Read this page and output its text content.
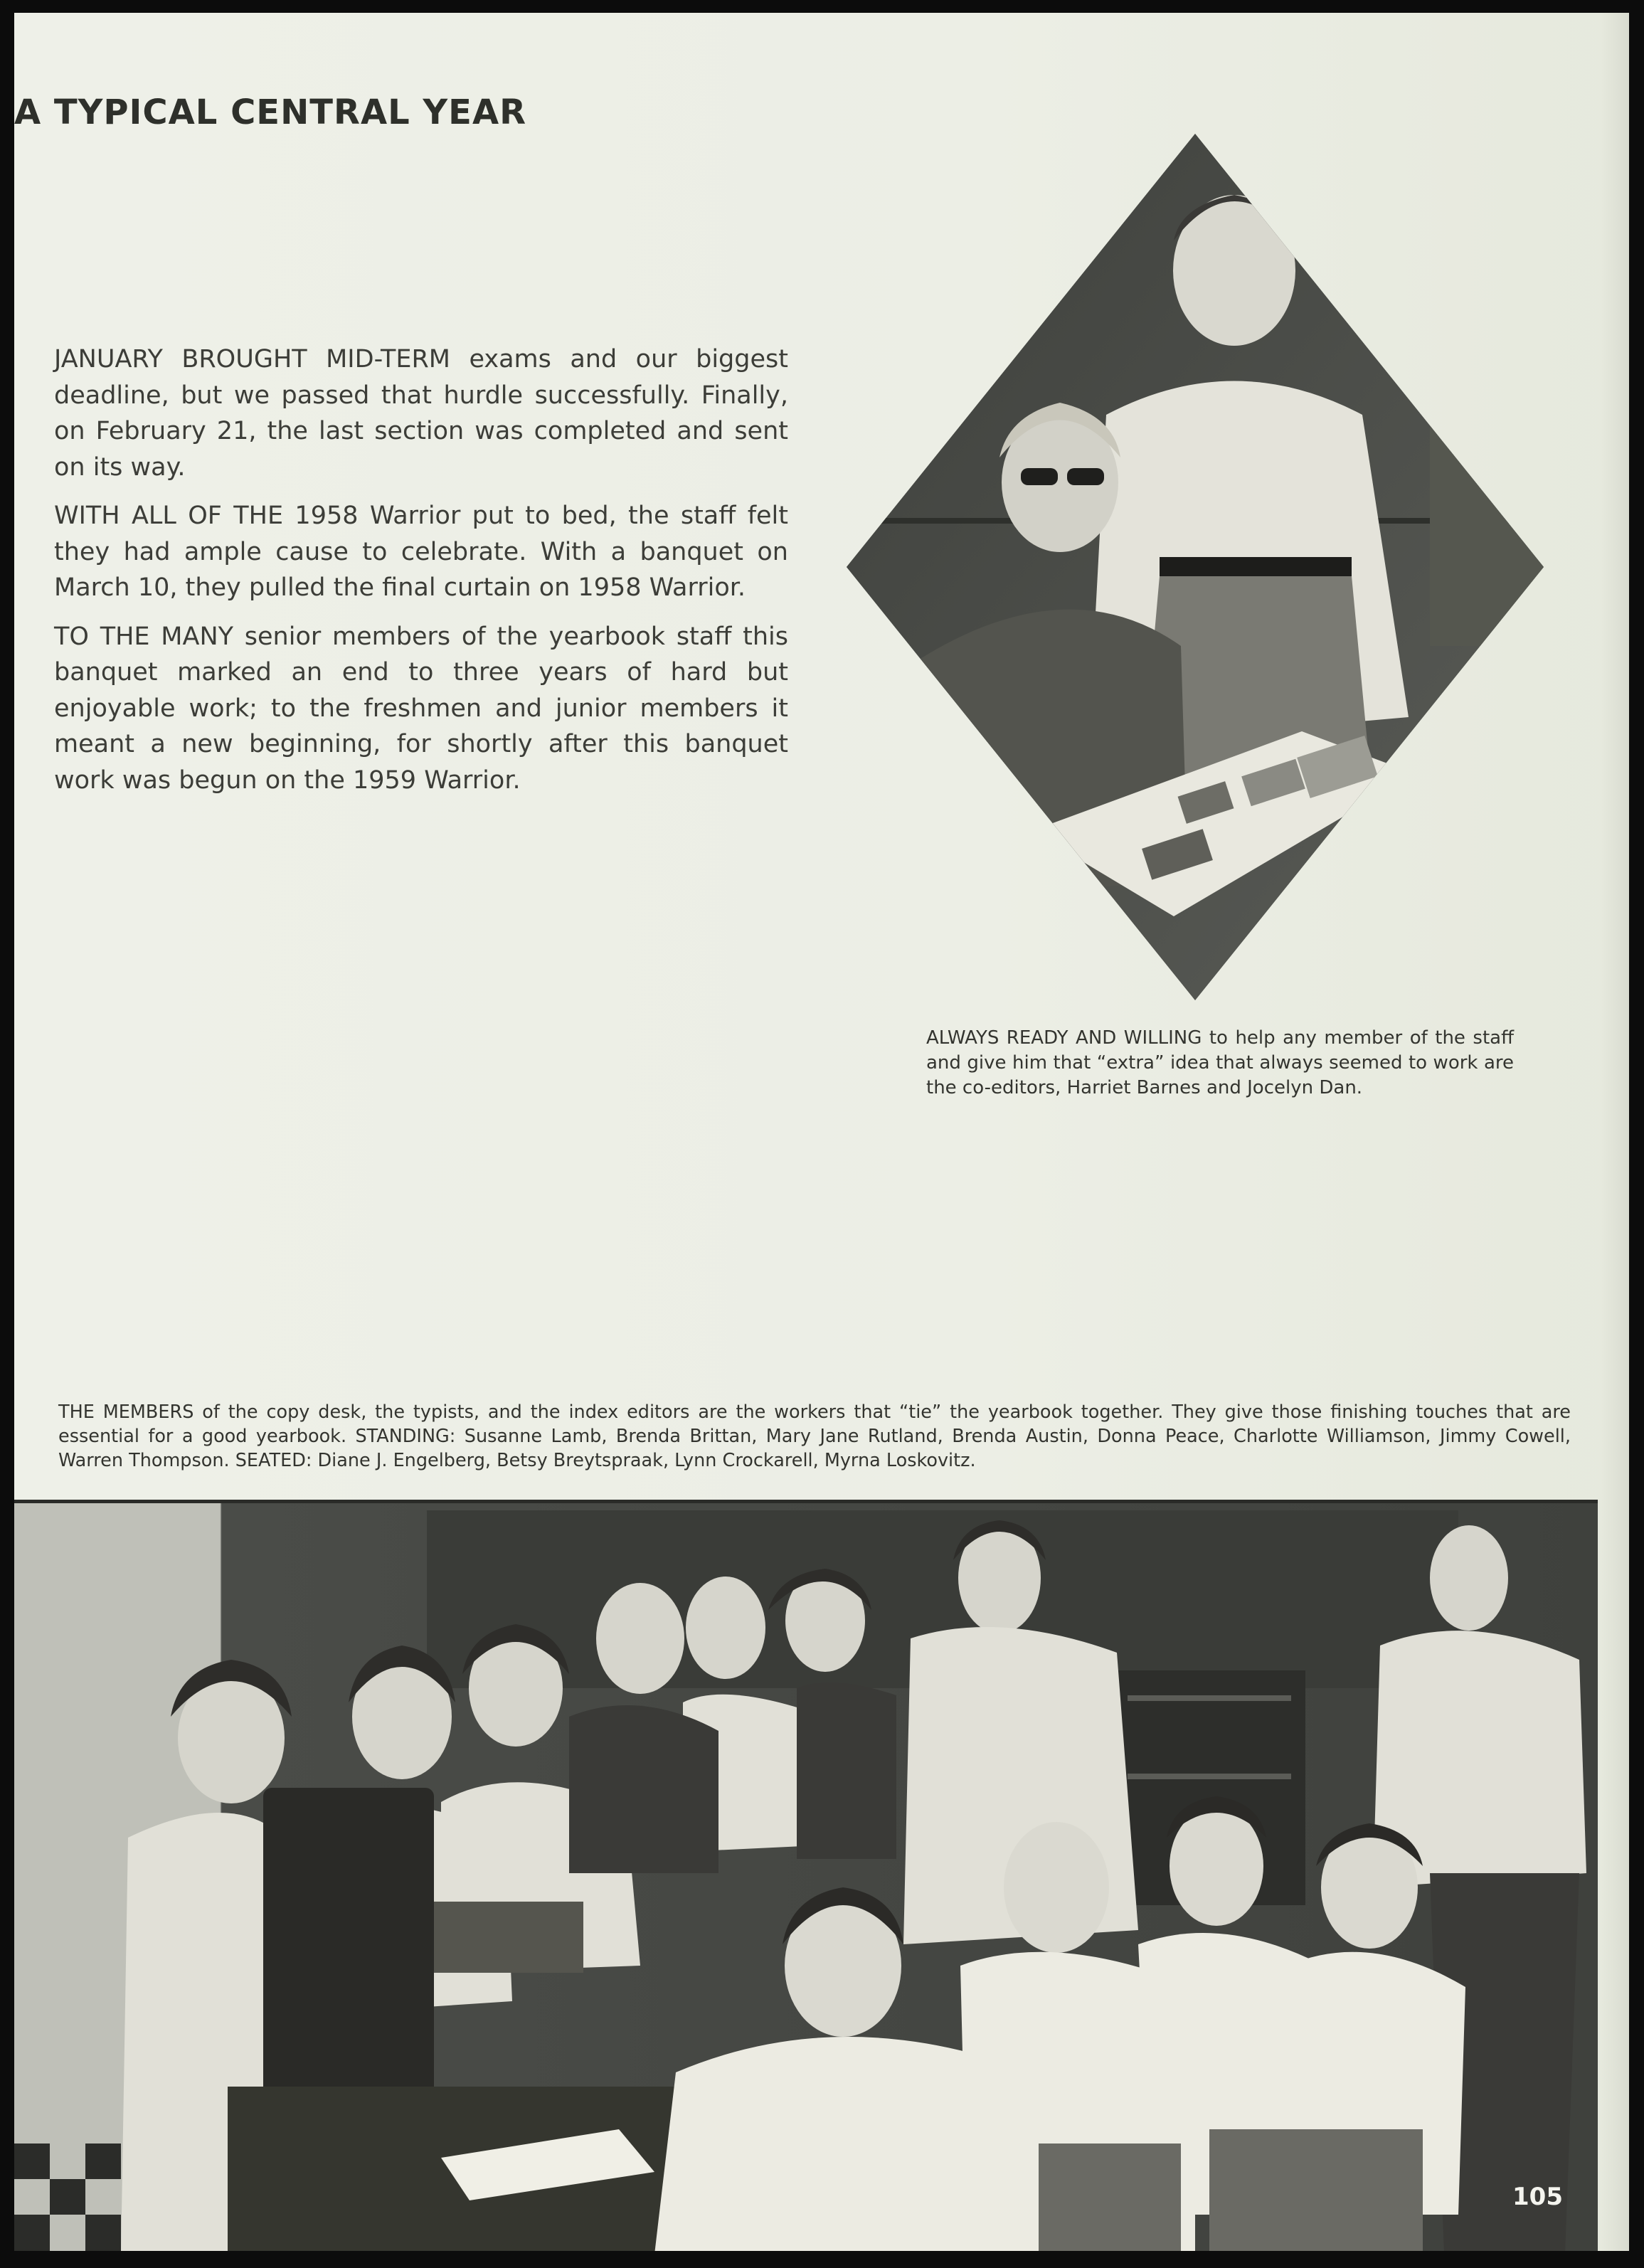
A TYPICAL CENTRAL YEAR

JANUARY BROUGHT MID-TERM exams and our biggest deadline, but we passed that hurdle successfully. Finally, on February 21, the last section was completed and sent on its way.

WITH ALL OF THE 1958 Warrior put to bed, the staff felt they had ample cause to celebrate. With a banquet on March 10, they pulled the final curtain on 1958 Warrior.

TO THE MANY senior members of the yearbook staff this banquet marked an end to three years of hard but enjoyable work; to the freshmen and junior members it meant a new beginning, for shortly after this banquet work was begun on the 1959 Warrior.

ALWAYS READY AND WILLING to help any member of the staff and give him that “extra” idea that always seemed to work are the co-editors, Harriet Barnes and Jocelyn Dan.

THE MEMBERS of the copy desk, the typists, and the index editors are the workers that “tie” the yearbook together. They give those finishing touches that are essential for a good yearbook. STANDING: Susanne Lamb, Brenda Brittan, Mary Jane Rutland, Brenda Austin, Donna Peace, Charlotte Williamson, Jimmy Cowell, Warren Thompson. SEATED: Diane J. Engelberg, Betsy Breytspraak, Lynn Crockarell, Myrna Loskovitz.

105
